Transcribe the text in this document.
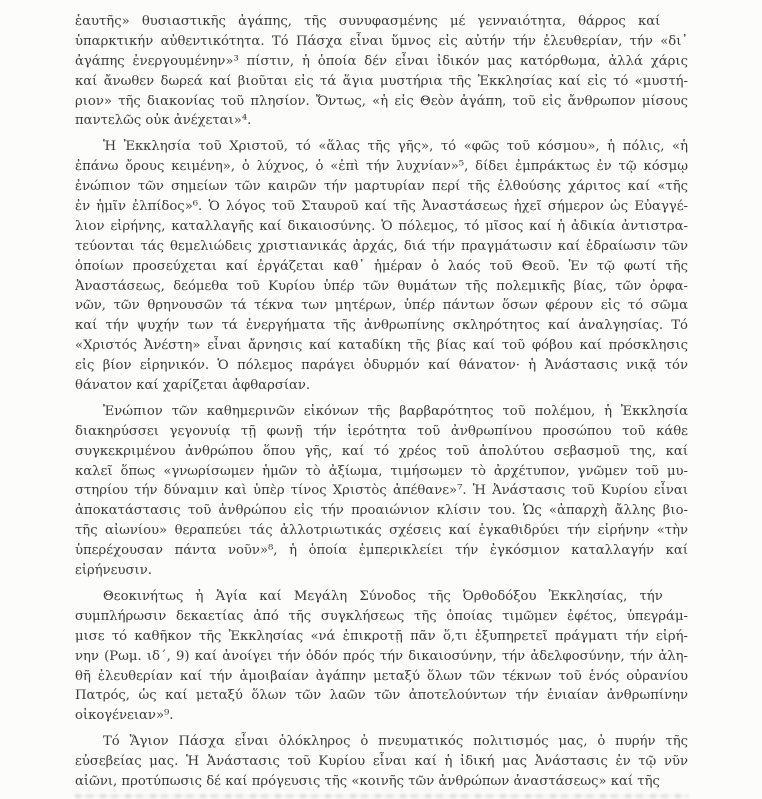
ἑαυτῆς» θυσιαστικῆς ἀγάπης, τῆς συνυφασμένης μέ γενναιότητα, θάρρος καί
ὑπαρκτικήν αὐθεντικότητα. Τό Πάσχα εἶναι ὕμνος εἰς αὐτήν τήν ἐλευθερίαν, τήν «δι᾽
ἀγάπης ἐνεργουμένην»³ πίστιν, ἡ ὁποία δέν εἶναι ἰδικόν μας κατόρθωμα, ἀλλά χάρις
καί ἄνωθεν δωρεά καί βιοῦται εἰς τά ἅγια μυστήρια τῆς Ἐκκλησίας καί εἰς τό «μυστή-
ριον» τῆς διακονίας τοῦ πλησίον. Ὄντως, «ἡ εἰς Θεὸν ἀγάπη, τοῦ εἰς ἄνθρωπον μίσους
παντελῶς οὐκ ἀνέχεται»⁴.
Ἡ Ἐκκλησία τοῦ Χριστοῦ, τό «ἅλας τῆς γῆς», τό «φῶς τοῦ κόσμου», ἡ πόλις, «ἡ
ἐπάνω ὄρους κειμένη», ὁ λύχνος, ὁ «ἐπὶ τήν λυχνίαν»⁵, δίδει ἐμπράκτως ἐν τῷ κόσμῳ
ἐνώπιον τῶν σημείων τῶν καιρῶν τήν μαρτυρίαν περί τῆς ἐλθούσης χάριτος καί «τῆς
ἐν ἡμῖν ἐλπίδος»⁶. Ὁ λόγος τοῦ Σταυροῦ καί τῆς Ἀναστάσεως ἠχεῖ σήμερον ὡς Εὐαγγέ-
λιον εἰρήνης, καταλλαγῆς καί δικαιοσύνης. Ὁ πόλεμος, τό μῖσος καί ἡ ἀδικία ἀντιστρα-
τεύονται τάς θεμελιώδεις χριστιανικάς ἀρχάς, διά τήν πραγμάτωσιν καί ἑδραίωσιν τῶν
ὁποίων προσεύχεται καί ἐργάζεται καθ᾽ ἡμέραν ὁ λαός τοῦ Θεοῦ. Ἐν τῷ φωτί τῆς
Ἀναστάσεως, δεόμεθα τοῦ Κυρίου ὑπέρ τῶν θυμάτων τῆς πολεμικῆς βίας, τῶν ὀρφα-
νῶν, τῶν θρηνουσῶν τά τέκνα των μητέρων, ὑπέρ πάντων ὅσων φέρουν εἰς τό σῶμα
καί τήν ψυχήν των τά ἐνεργήματα τῆς ἀνθρωπίνης σκληρότητος καί ἀναλγησίας. Τό
«Χριστός Ἀνέστη» εἶναι ἄρνησις καί καταδίκη τῆς βίας καί τοῦ φόβου καί πρόσκλησις
εἰς βίον εἰρηνικόν. Ὁ πόλεμος παράγει ὀδυρμόν καί θάνατον· ἡ Ἀνάστασις νικᾷ τόν
θάνατον καί χαρίζεται ἀφθαρσίαν.
Ἐνώπιον τῶν καθημερινῶν εἰκόνων τῆς βαρβαρότητος τοῦ πολέμου, ἡ Ἐκκλησία
διακηρύσσει γεγονυίᾳ τῇ φωνῇ τήν ἱερότητα τοῦ ἀνθρωπίνου προσώπου τοῦ κάθε
συγκεκριμένου ἀνθρώπου ὅπου γῆς, καί τό χρέος τοῦ ἀπολύτου σεβασμοῦ της, καί
καλεῖ ὅπως «γνωρίσωμεν ἡμῶν τὸ ἀξίωμα, τιμήσωμεν τὸ ἀρχέτυπον, γνῶμεν τοῦ μυ-
στηρίου τήν δύναμιν καὶ ὑπὲρ τίνος Χριστὸς ἀπέθανε»⁷. Ἡ Ἀνάστασις τοῦ Κυρίου εἶναι
ἀποκατάστασις τοῦ ἀνθρώπου εἰς τήν προαιώνιον κλίσιν του. Ὡς «ἀπαρχὴ ἄλλης βιο-
τῆς αἰωνίου» θεραπεύει τάς ἀλλοτριωτικάς σχέσεις καί ἐγκαθιδρύει τήν εἰρήνην «τὴν
ὑπερέχουσαν πάντα νοῦν»⁸, ἡ ὁποία ἐμπερικλείει τήν ἐγκόσμιον καταλλαγήν καί
εἰρήνευσιν.
Θεοκινήτως ἡ Ἁγία καί Μεγάλη Σύνοδος τῆς Ὀρθοδόξου Ἐκκλησίας, τήν
συμπλήρωσιν δεκαετίας ἀπό τῆς συγκλήσεως τῆς ὁποίας τιμῶμεν ἐφέτος, ὑπεγράμ-
μισε τό καθῆκον τῆς Ἐκκλησίας «νά ἐπικροτῇ πᾶν ὅ,τι ἐξυπηρετεῖ πράγματι τήν εἰρή-
νην (Ρωμ. ιδ´, 9) καί ἀνοίγει τήν ὁδόν πρός τήν δικαιοσύνην, τήν ἀδελφοσύνην, τήν ἀλη-
θῆ ἐλευθερίαν καί τήν ἀμοιβαίαν ἀγάπην μεταξύ ὅλων τῶν τέκνων τοῦ ἑνός οὐρανίου
Πατρός, ὡς καί μεταξύ ὅλων τῶν λαῶν τῶν ἀποτελούντων τήν ἑνιαίαν ἀνθρωπίνην
οἰκογένειαν»⁹.
Τό Ἅγιον Πάσχα εἶναι ὁλόκληρος ὁ πνευματικός πολιτισμός μας, ὁ πυρήν τῆς
εὐσεβείας μας. Ἡ Ἀνάστασις τοῦ Κυρίου εἶναι καί ἡ ἰδική μας Ἀνάστασις ἐν τῷ νῦν
αἰῶνι, προτύπωσις δέ καί πρόγευσις τῆς «κοινῆς τῶν ἀνθρώπων ἀναστάσεως» καί τῆς
